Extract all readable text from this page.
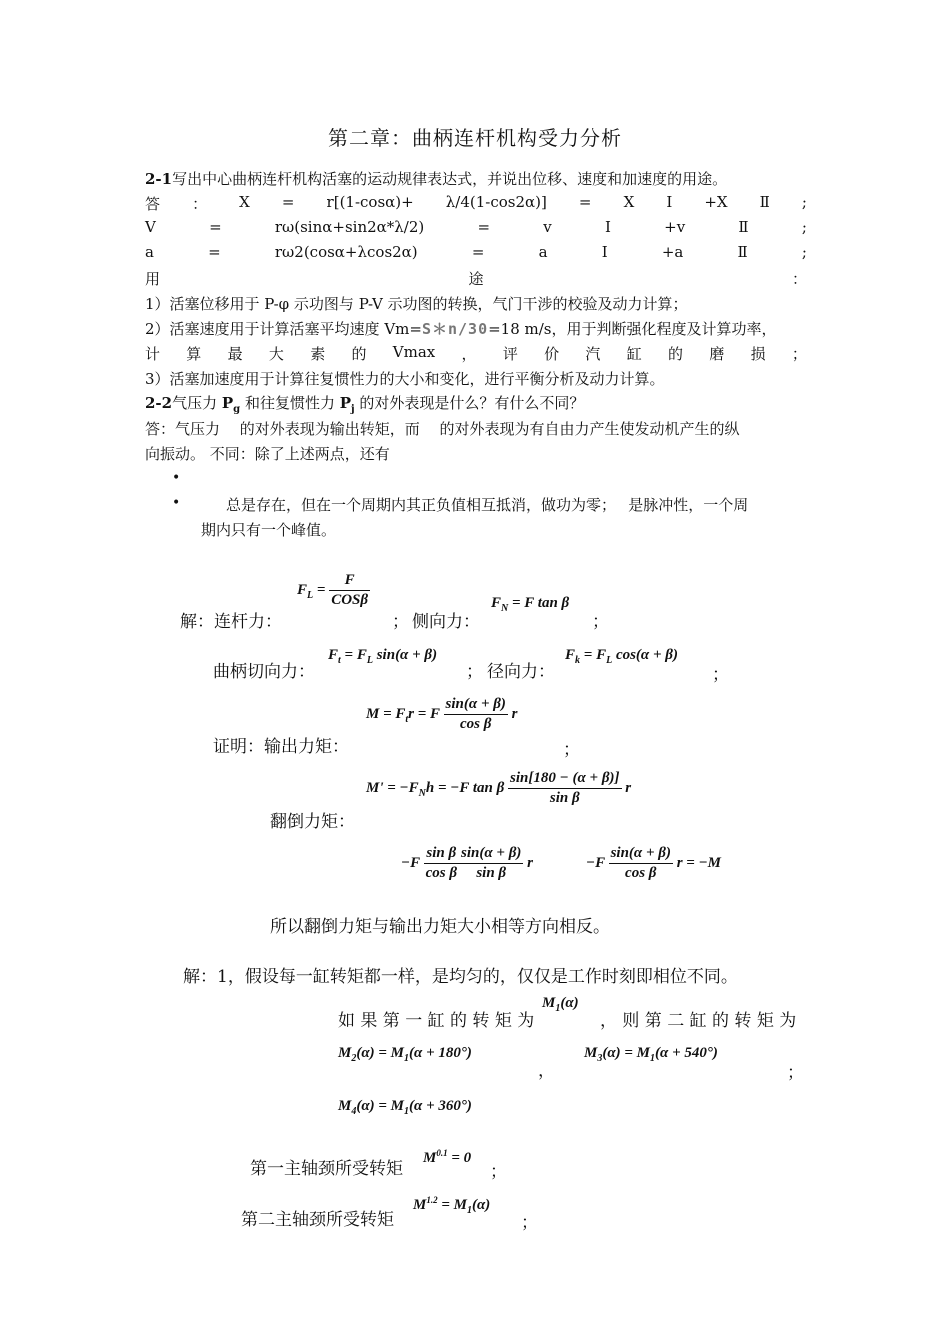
第二章：曲柄连杆机构受力分析
2-1写出中心曲柄连杆机构活塞的运动规律表达式，并说出位移、速度和加速度的用途。
答 ： X = r[(1-cosα)+ λ/4(1-cos2α)] = X Ⅰ +X Ⅱ ;
V	=	rω(sinα+sin2α*λ/2)	=	v	Ⅰ	+v	Ⅱ	;
a	=	rω2(cosα+λcos2α)	=	a	Ⅰ	+a	Ⅱ	;
用	途	：
1）活塞位移用于 P-φ 示功图与 P-V 示功图的转换，气门干涉的校验及动力计算；
2）活塞速度用于计算活塞平均速度 Vm=S＊n/30=18 m/s，用于判断强化程度及计算功率，
计 算 最 大 素 的 Vmax ， 评 价 汽 缸 的 磨 损 ；
3）活塞加速度用于计算往复惯性力的大小和变化，进行平衡分析及动力计算。
2-2气压力 $P_g$ 和往复惯性力 $P_j$ 的对外表现是什么？有什么不同？
答：气压力　 的对外表现为输出转矩，而　 的对外表现为有自由力产生使发动机产生的纵
向振动。 不同：除了上述两点，还有
•
•	总是存在，但在一个周期内其正负值相互抵消，做功为零；　 是脉冲性，一个周
期内只有一个峰值。
解：连杆力：
$F_L = \frac{F}{\text{COSβ}}$
； 侧向力：
$F_N = F$ tan β
；
曲柄切向力：
$F_t = F_L$ sin(α + β)
； 径向力：
$F_k = F_L$ cos(α + β)
；
证明：输出力矩：
$M = F_tr = F \frac{\sin(\alpha + \beta)}{\text{cos β}}$ r
；
翻倒力矩：
$M' = -F_Nh = -F$ tan β $\frac{\sin[180 - (\alpha + \beta)]}{\text{sin β}}$ r
$-F \frac{\text{sin β}}{\text{cos β}} \frac{\sin(\alpha + \beta)}{\text{sin β}}$ r	$-F \frac{\sin(\alpha + \beta)}{\text{cos β}}$ r = −M
所以翻倒力矩与输出力矩大小相等方向相反。
解：1，假设每一缸转矩都一样，是均匀的，仅仅是工作时刻即相位不同。
如 果 第 一 缸 的 转 矩 为
$M_1(\alpha)$
， 则 第 二 缸 的 转 矩 为
$M_2(\alpha) = M_1(\alpha + 180^\circ)$
，
$M_3(\alpha) = M_1(\alpha + 540^\circ)$
；
$M_4(\alpha) = M_1(\alpha + 360^\circ)$
第一主轴颈所受转矩
$M^{0.1} = 0$
；
第二主轴颈所受转矩
$M^{1.2} = M_1(\alpha)$
；
